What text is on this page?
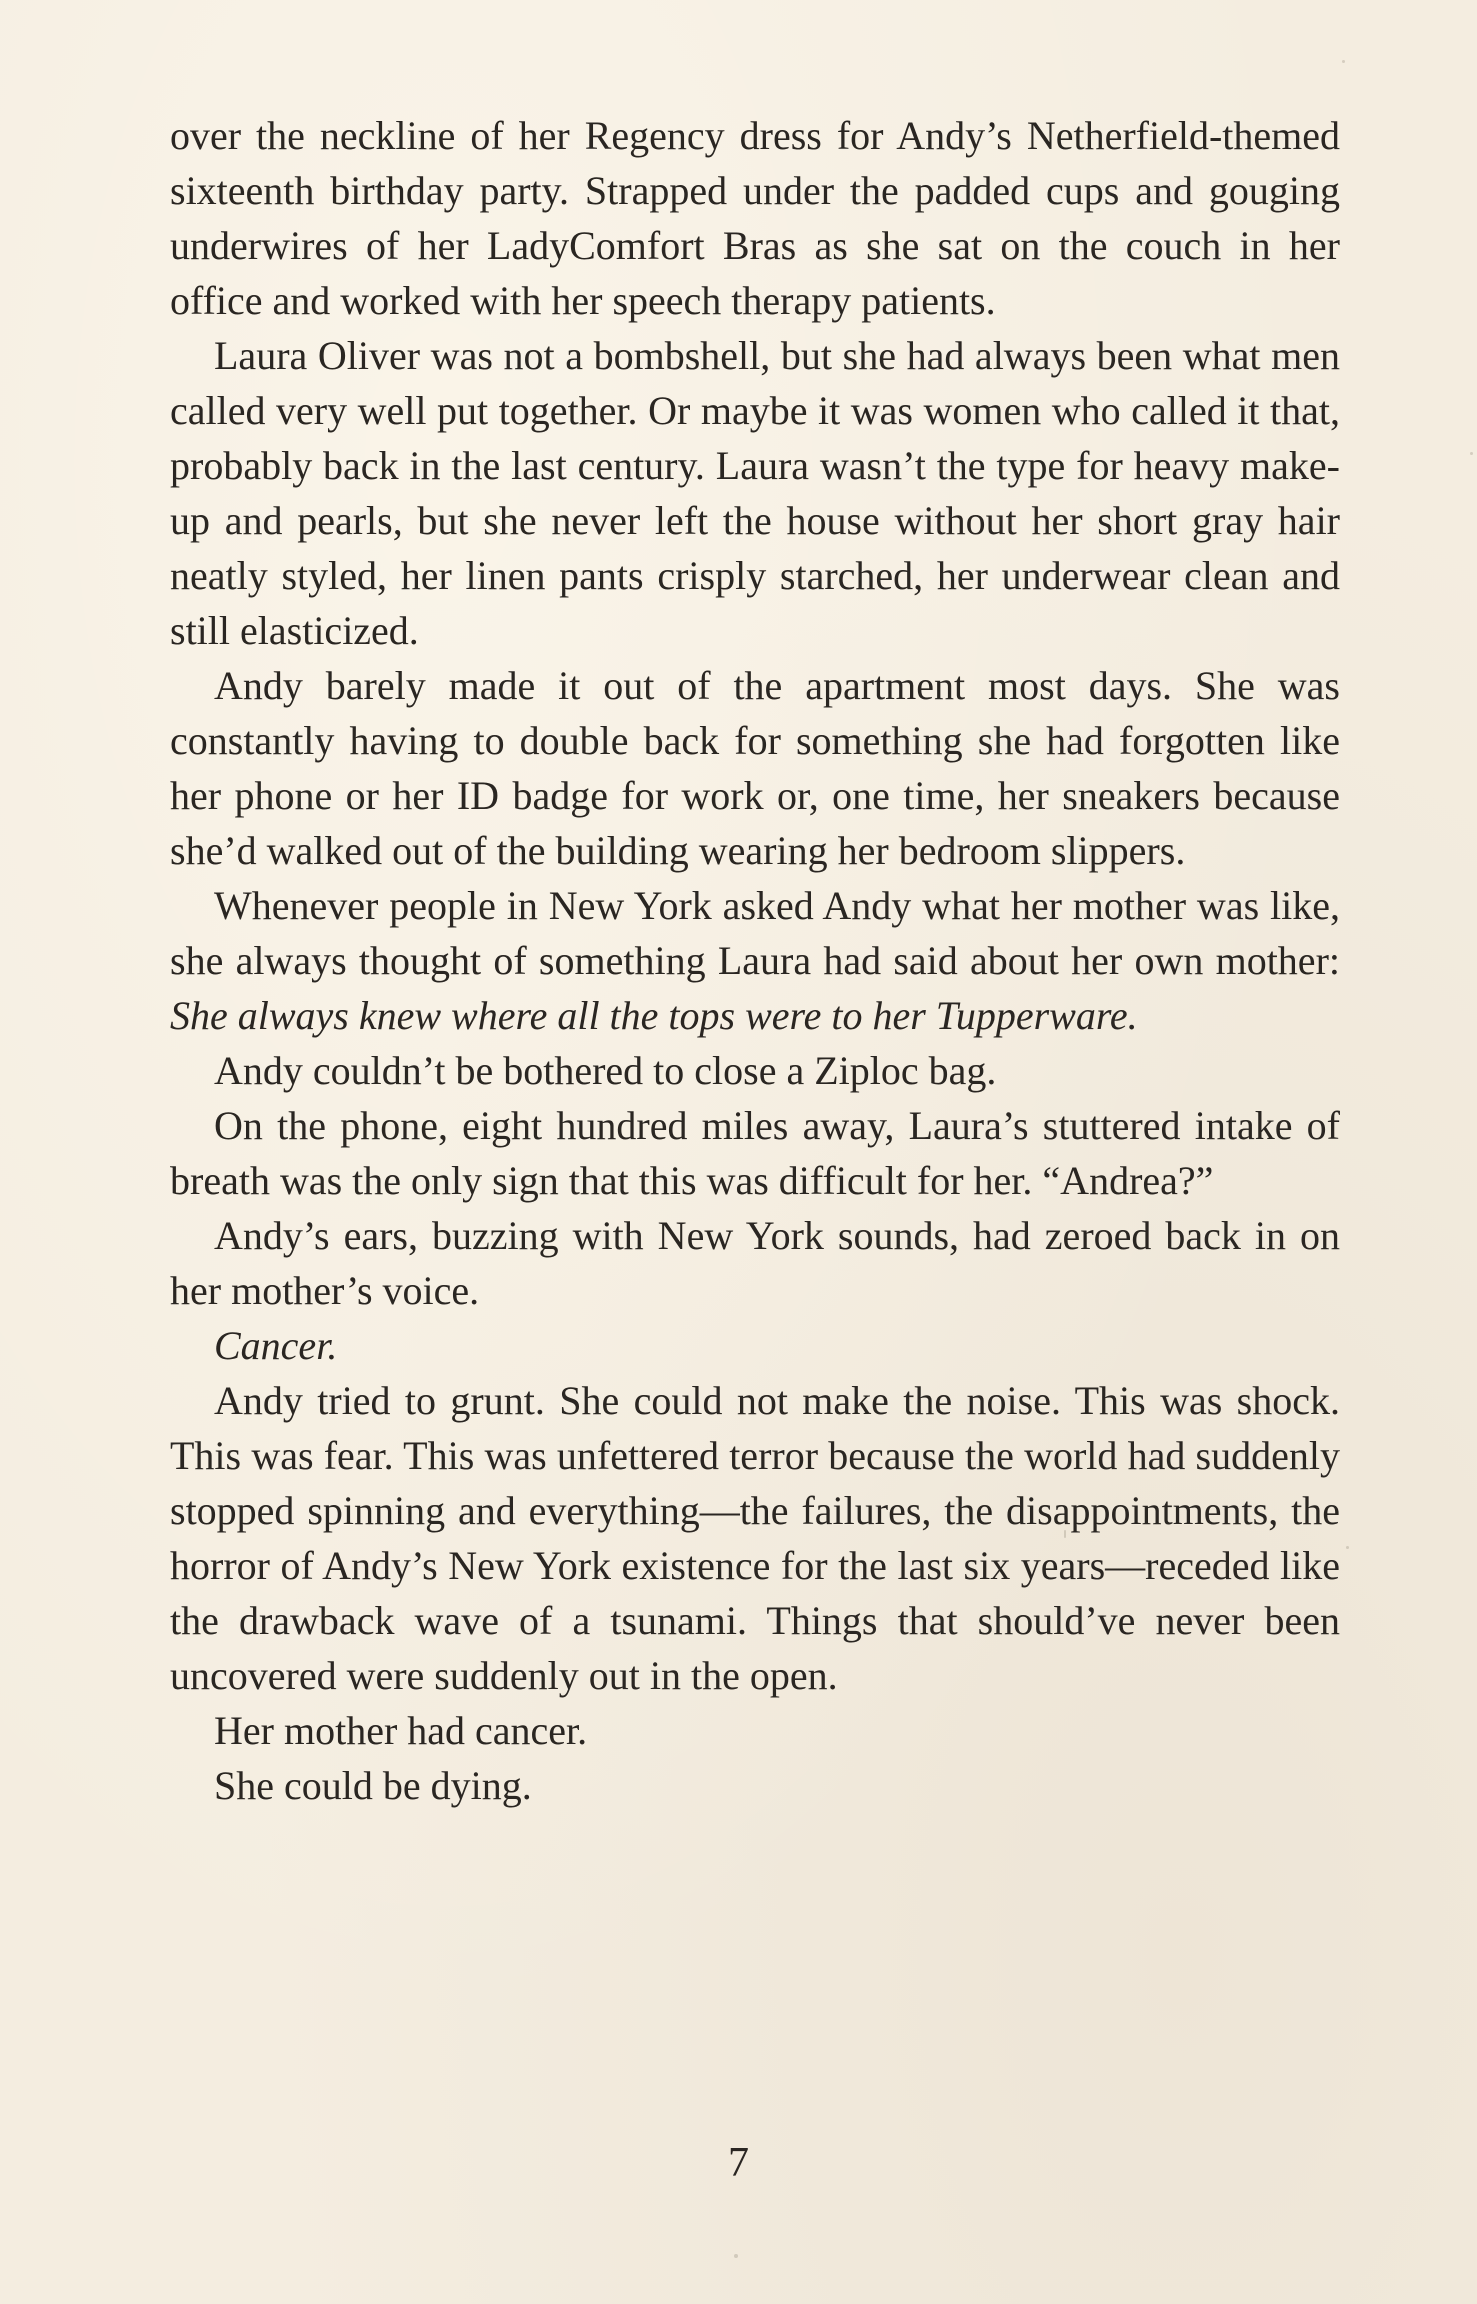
over the neckline of her Regency dress for Andy’s Netherfield-themed sixteenth birthday party. Strapped under the padded cups and gouging underwires of her LadyComfort Bras as she sat on the couch in her office and worked with her speech therapy patients.

Laura Oliver was not a bombshell, but she had always been what men called very well put together. Or maybe it was women who called it that, probably back in the last century. Laura wasn’t the type for heavy make-up and pearls, but she never left the house without her short gray hair neatly styled, her linen pants crisply starched, her underwear clean and still elasticized.

Andy barely made it out of the apartment most days. She was constantly having to double back for something she had forgotten like her phone or her ID badge for work or, one time, her sneakers because she’d walked out of the building wearing her bedroom slippers.

Whenever people in New York asked Andy what her mother was like, she always thought of something Laura had said about her own mother: She always knew where all the tops were to her Tupperware.

Andy couldn’t be bothered to close a Ziploc bag.

On the phone, eight hundred miles away, Laura’s stuttered intake of breath was the only sign that this was difficult for her. “Andrea?”

Andy’s ears, buzzing with New York sounds, had zeroed back in on her mother’s voice.

Cancer.

Andy tried to grunt. She could not make the noise. This was shock. This was fear. This was unfettered terror because the world had suddenly stopped spinning and everything—the failures, the disappointments, the horror of Andy’s New York existence for the last six years—receded like the drawback wave of a tsunami. Things that should’ve never been uncovered were suddenly out in the open.

Her mother had cancer.

She could be dying.

7
